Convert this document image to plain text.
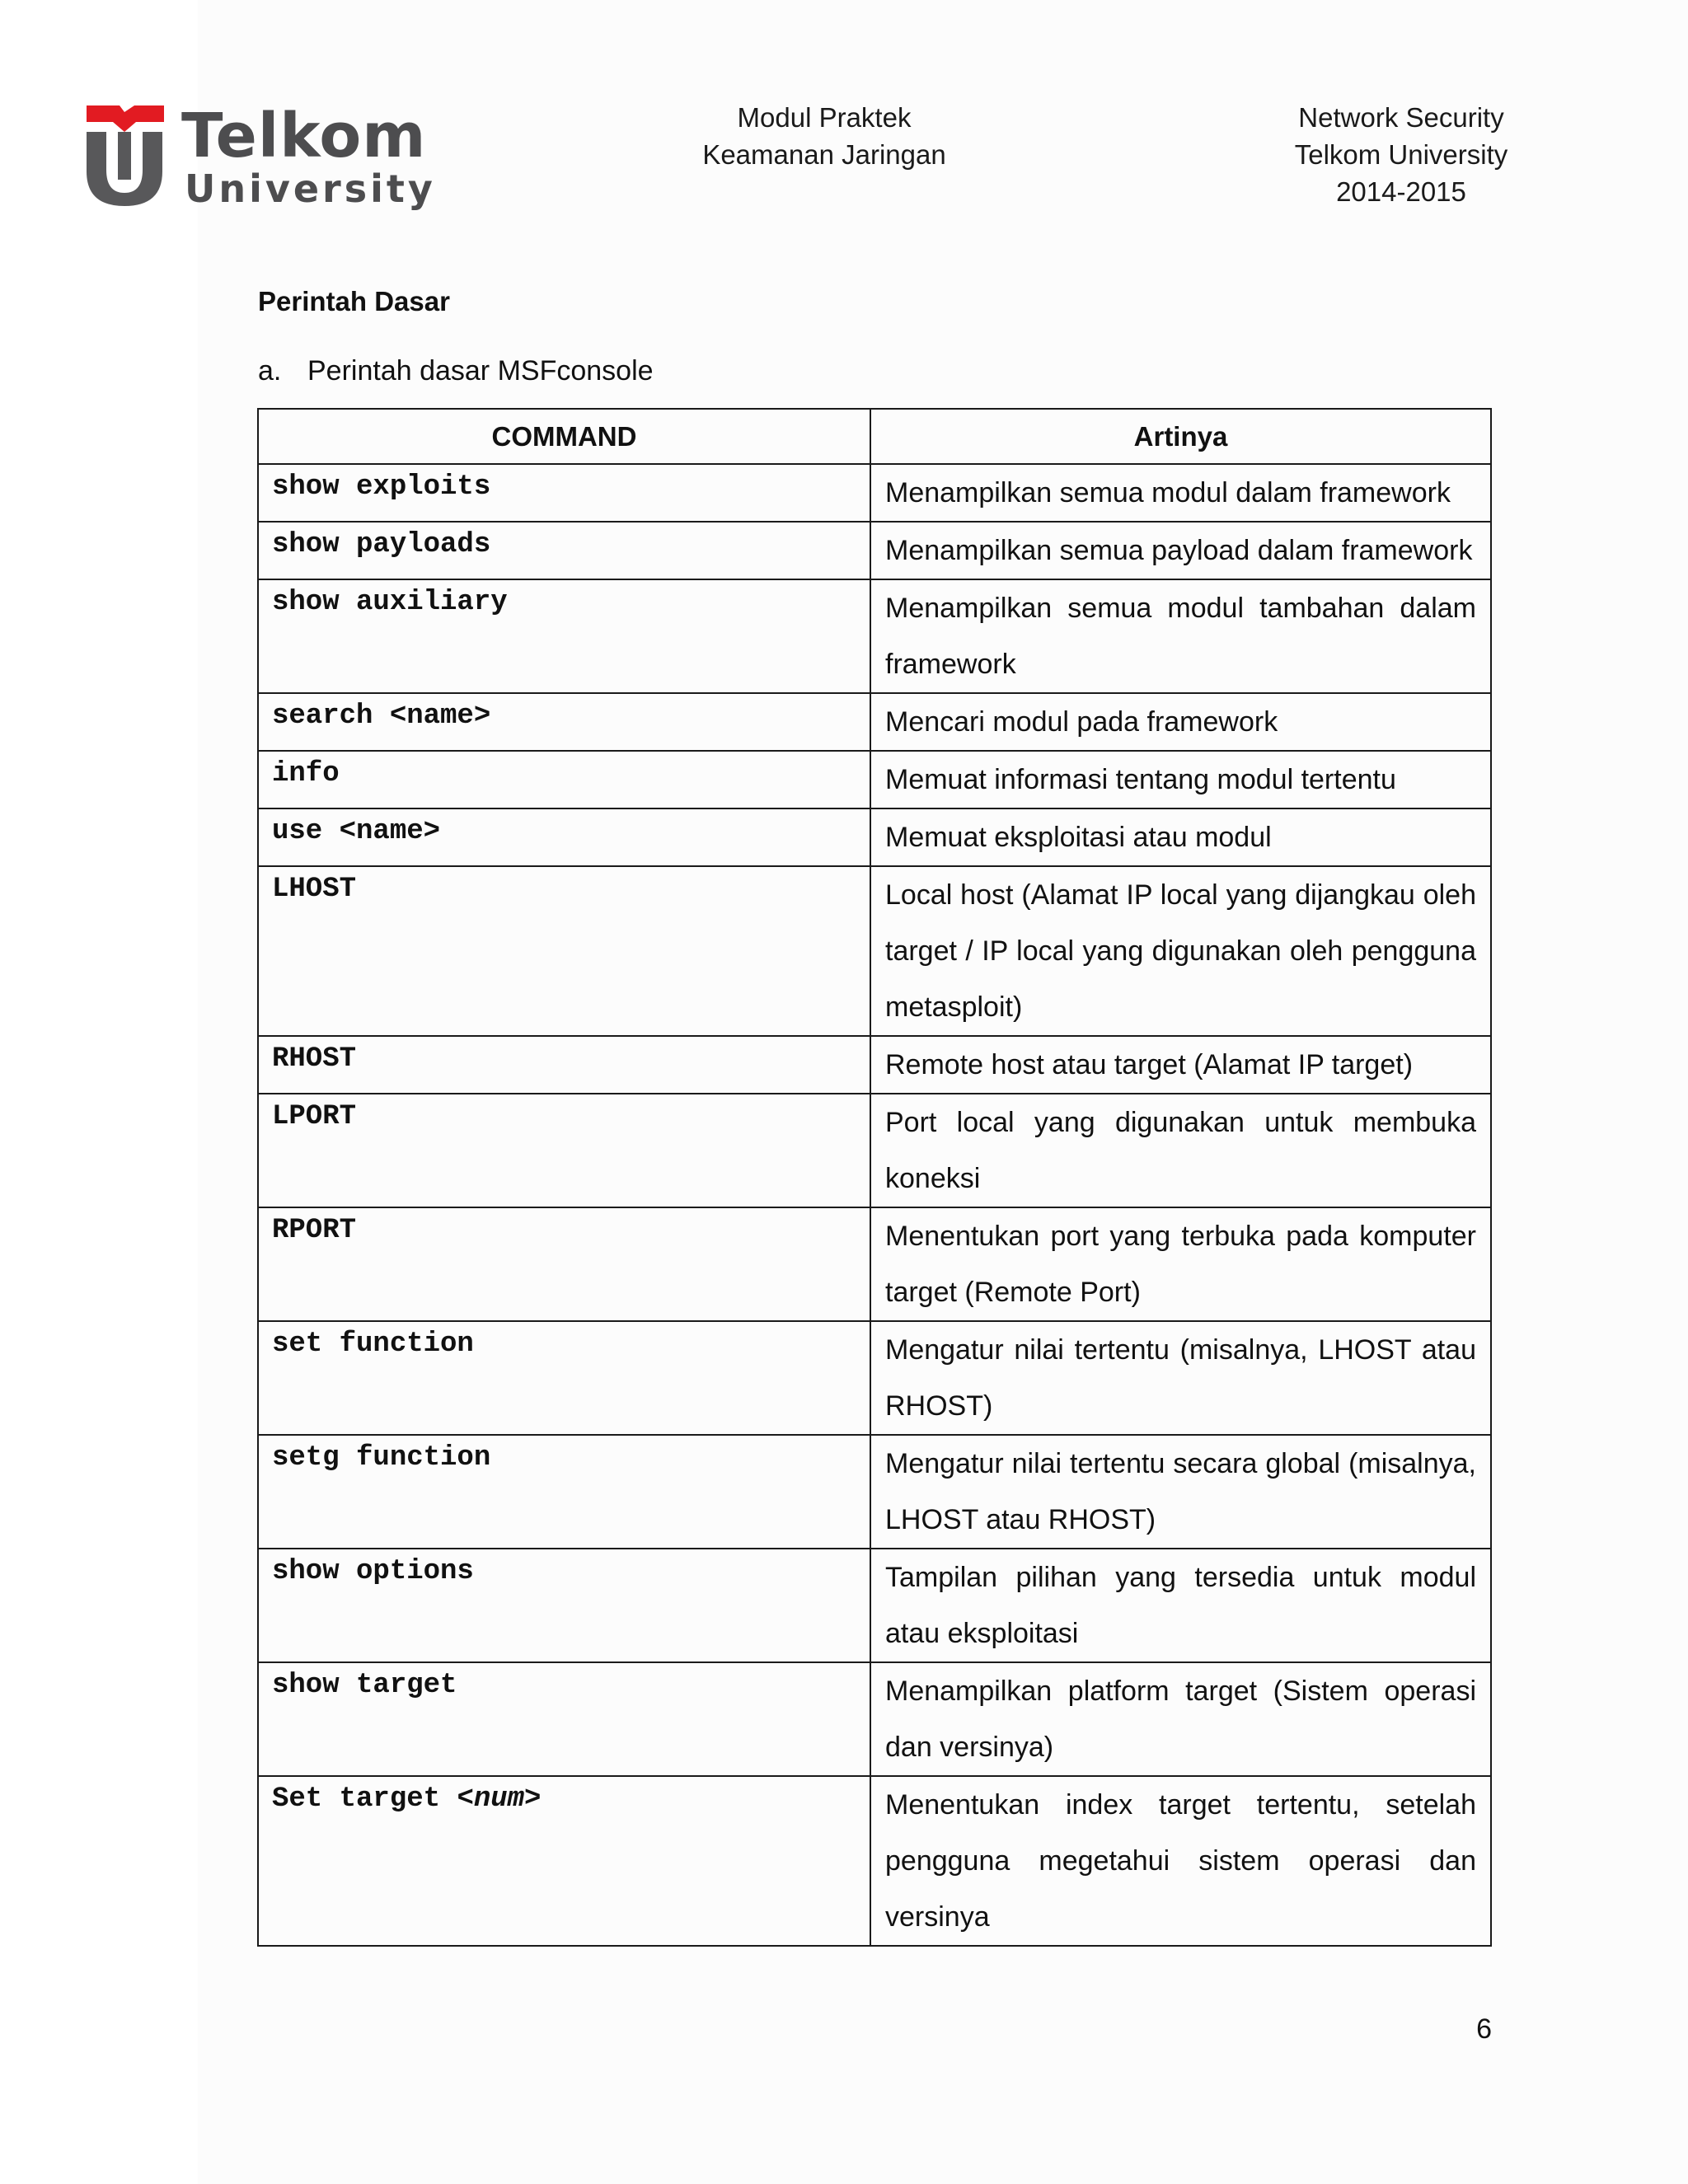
Telkom
University
Modul Praktek
Keamanan Jaringan
Network Security
Telkom University
2014-2015
Perintah Dasar
a. Perintah dasar MSFconsole
COMMAND	Artinya
show exploits	Menampilkan semua modul dalam framework
show payloads	Menampilkan semua payload dalam framework
show auxiliary	Menampilkan semua modul tambahan dalam framework
search <name>	Mencari modul pada framework
info	Memuat informasi tentang modul tertentu
use <name>	Memuat eksploitasi atau modul
LHOST	Local host (Alamat IP local yang dijangkau oleh target / IP local yang digunakan oleh pengguna metasploit)
RHOST	Remote host atau target (Alamat IP target)
LPORT	Port local yang digunakan untuk membuka koneksi
RPORT	Menentukan port yang terbuka pada komputer target (Remote Port)
set function	Mengatur nilai tertentu (misalnya, LHOST atau RHOST)
setg function	Mengatur nilai tertentu secara global (misalnya, LHOST atau RHOST)
show options	Tampilan pilihan yang tersedia untuk modul atau eksploitasi
show target	Menampilkan platform target (Sistem operasi dan versinya)
Set target <num>	Menentukan index target tertentu, setelah pengguna megetahui sistem operasi dan versinya
6
